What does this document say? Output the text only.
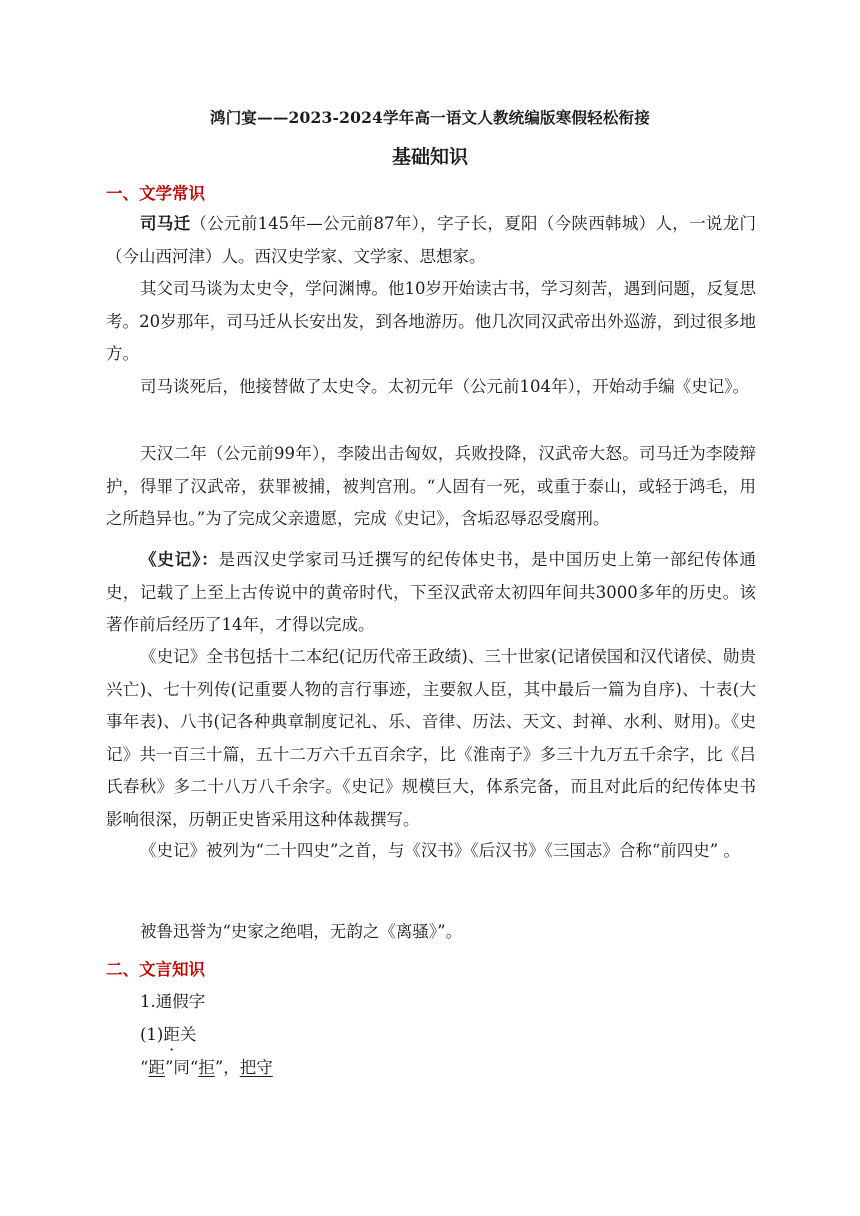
鸿门宴——2023-2024学年高一语文人教统编版寒假轻松衔接
基础知识
一、文学常识

司马迁（公元前145年—公元前87年），字子长，夏阳（今陕西韩城）人，一说龙门（今山西河津）人。西汉史学家、文学家、思想家。

其父司马谈为太史令，学问渊博。他10岁开始读古书，学习刻苦，遇到问题，反复思考。20岁那年，司马迁从长安出发，到各地游历。他几次同汉武帝出外巡游，到过很多地方。

司马谈死后，他接替做了太史令。太初元年（公元前104年），开始动手编《史记》。

天汉二年（公元前99年），李陵出击匈奴，兵败投降，汉武帝大怒。司马迁为李陵辩护，得罪了汉武帝，获罪被捕，被判宫刑。“人固有一死，或重于泰山，或轻于鸿毛，用之所趋异也。”为了完成父亲遗愿，完成《史记》，含垢忍辱忍受腐刑。

《史记》：是西汉史学家司马迁撰写的纪传体史书，是中国历史上第一部纪传体通史，记载了上至上古传说中的黄帝时代，下至汉武帝太初四年间共3000多年的历史。该著作前后经历了14年，才得以完成。

《史记》全书包括十二本纪(记历代帝王政绩)、三十世家(记诸侯国和汉代诸侯、勋贵兴亡)、七十列传(记重要人物的言行事迹，主要叙人臣，其中最后一篇为自序)、十表(大事年表)、八书(记各种典章制度记礼、乐、音律、历法、天文、封禅、水利、财用)。《史记》共一百三十篇，五十二万六千五百余字，比《淮南子》多三十九万五千余字，比《吕氏春秋》多二十八万八千余字。《史记》规模巨大，体系完备，而且对此后的纪传体史书影响很深，历朝正史皆采用这种体裁撰写。

《史记》被列为“二十四史”之首，与《汉书》《后汉书》《三国志》合称“前四史” 。

被鲁迅誉为“史家之绝唱，无韵之《离骚》”。

二、文言知识

1.通假字

(1)距关

“距”同“拒”，把守
